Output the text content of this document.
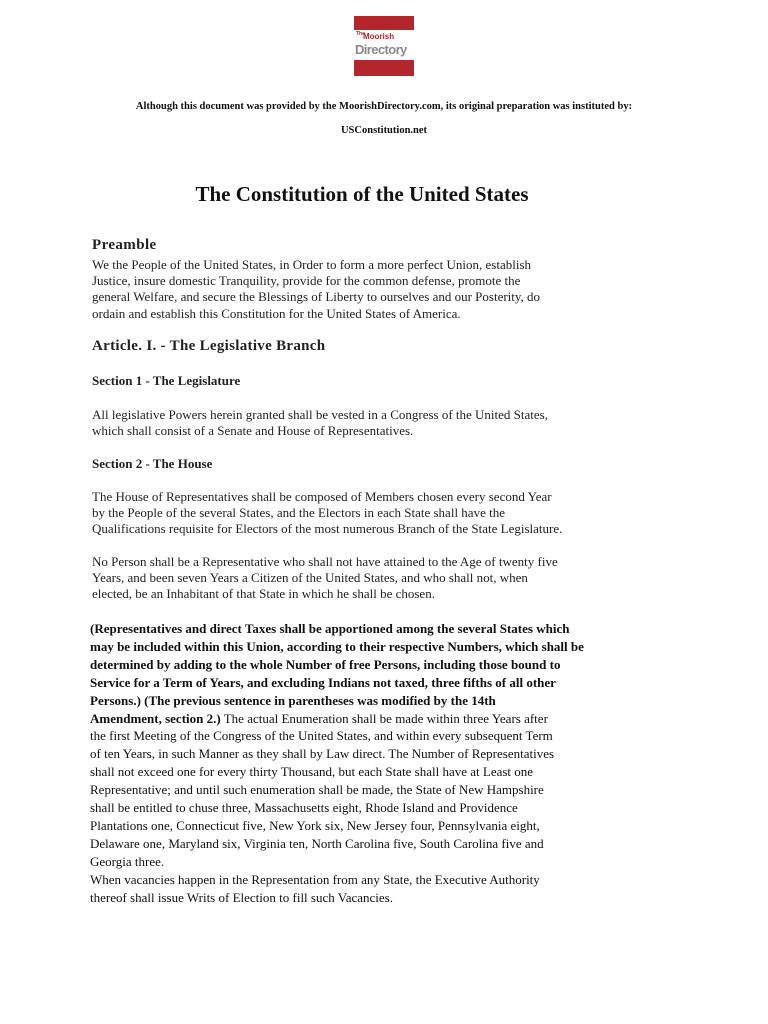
The
Moorish
Directory
Although this document was provided by the MoorishDirectory.com, its original preparation was instituted by:
USConstitution.net
The Constitution of the United States
Preamble

We the People of the United States, in Order to form a more perfect Union, establish

Justice, insure domestic Tranquility, provide for the common defense, promote the

general Welfare, and secure the Blessings of Liberty to ourselves and our Posterity, do

ordain and establish this Constitution for the United States of America.

Article. I. - The Legislative Branch
Section 1 - The Legislature

All legislative Powers herein granted shall be vested in a Congress of the United States,

which shall consist of a Senate and House of Representatives.

Section 2 - The House

The House of Representatives shall be composed of Members chosen every second Year

by the People of the several States, and the Electors in each State shall have the

Qualifications requisite for Electors of the most numerous Branch of the State Legislature.

No Person shall be a Representative who shall not have attained to the Age of twenty five

Years, and been seven Years a Citizen of the United States, and who shall not, when

elected, be an Inhabitant of that State in which he shall be chosen.

(Representatives and direct Taxes shall be apportioned among the several States which

may be included within this Union, according to their respective Numbers, which shall be

determined by adding to the whole Number of free Persons, including those bound to

Service for a Term of Years, and excluding Indians not taxed, three fifths of all other

Persons.) (The previous sentence in parentheses was modified by the 14th

Amendment, section 2.) The actual Enumeration shall be made within three Years after

the first Meeting of the Congress of the United States, and within every subsequent Term

of ten Years, in such Manner as they shall by Law direct. The Number of Representatives

shall not exceed one for every thirty Thousand, but each State shall have at Least one

Representative; and until such enumeration shall be made, the State of New Hampshire

shall be entitled to chuse three, Massachusetts eight, Rhode Island and Providence

Plantations one, Connecticut five, New York six, New Jersey four, Pennsylvania eight,

Delaware one, Maryland six, Virginia ten, North Carolina five, South Carolina five and

Georgia three.

When vacancies happen in the Representation from any State, the Executive Authority

thereof shall issue Writs of Election to fill such Vacancies.
